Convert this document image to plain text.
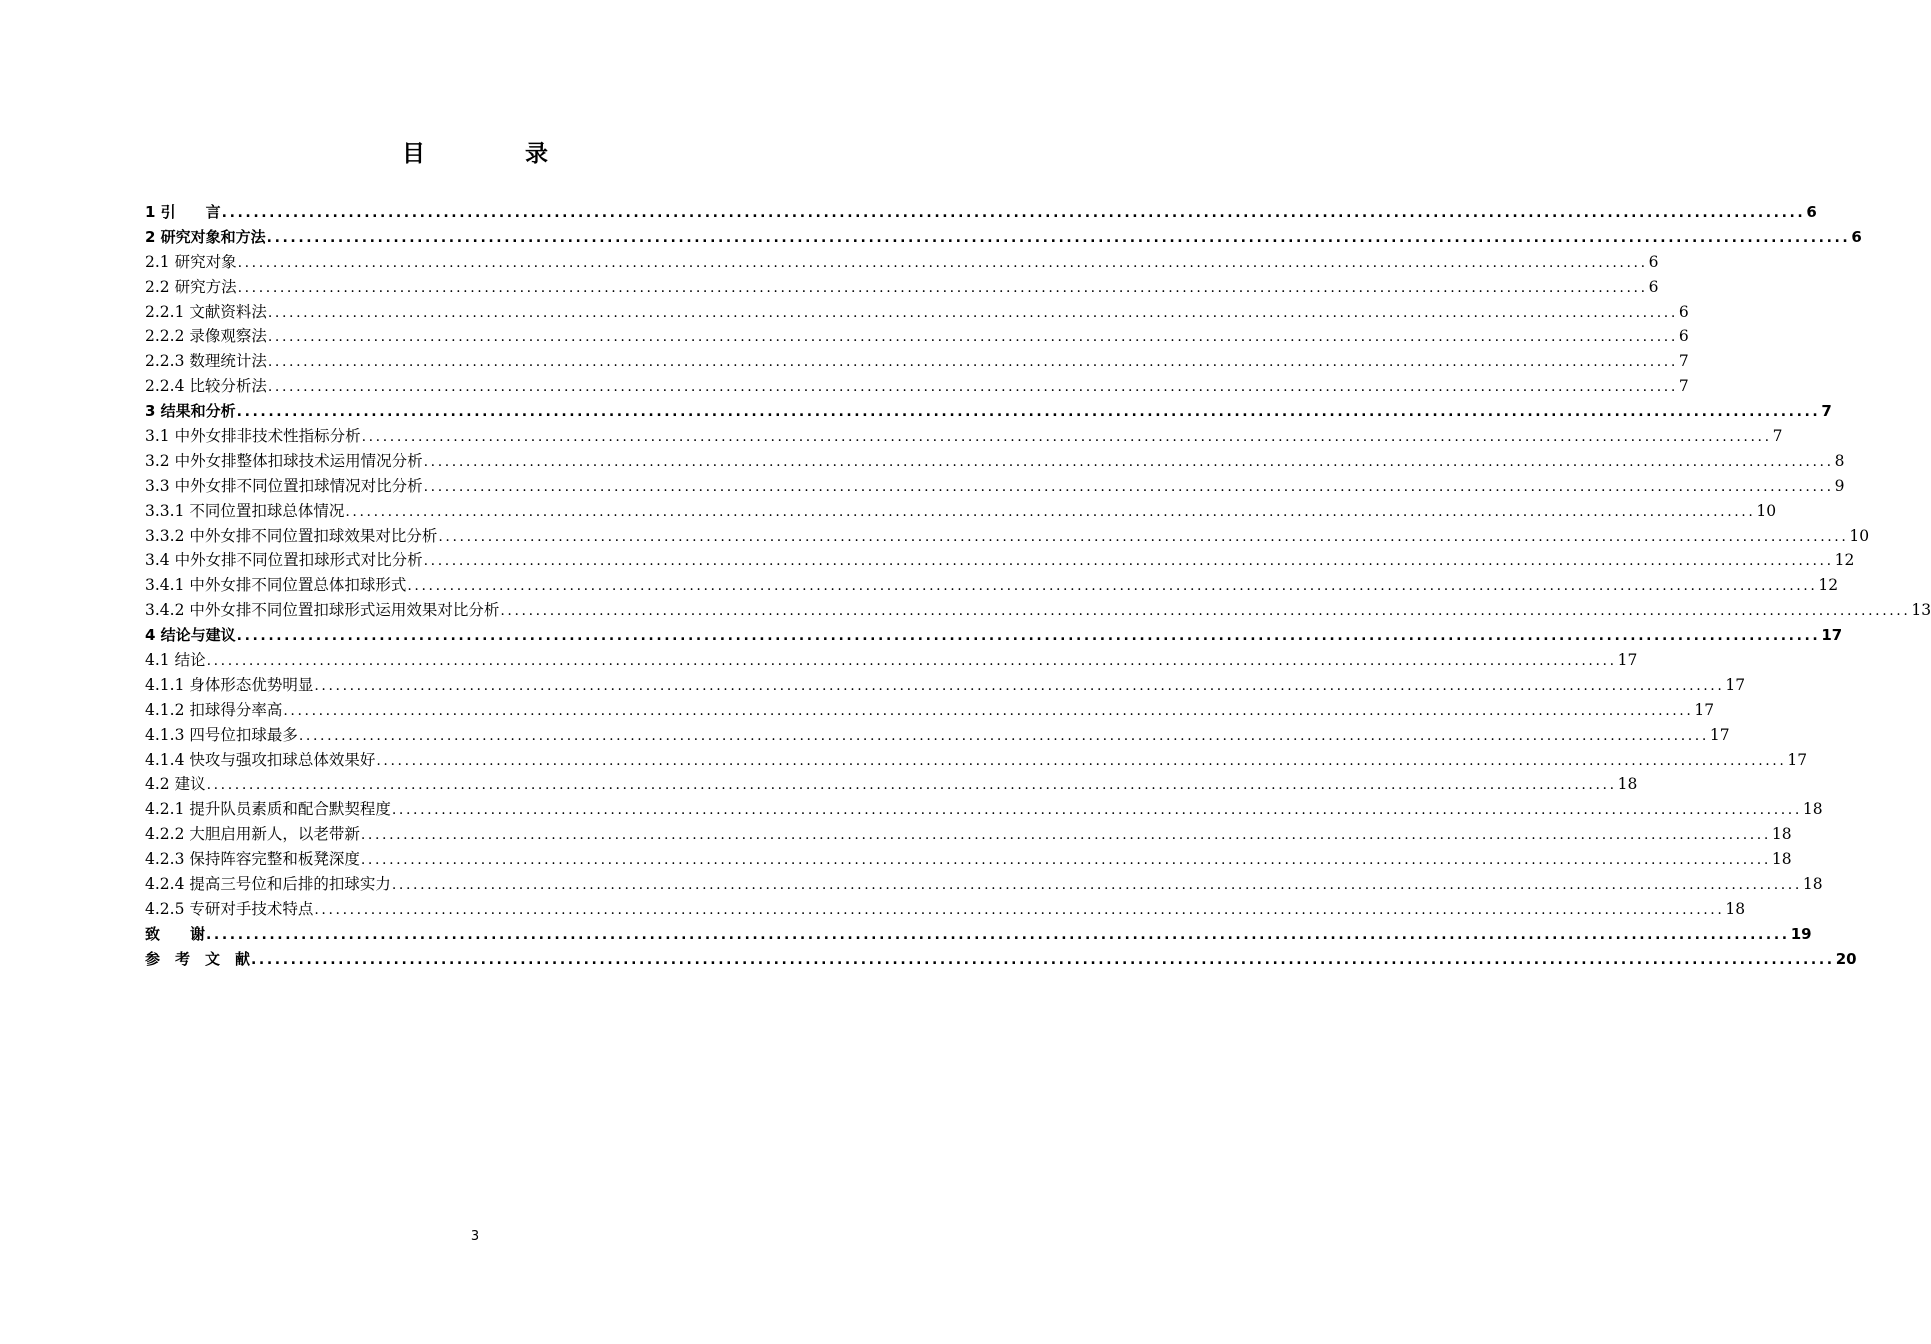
目 录
1 引　　言 ........................................................................................................................................................................................................ 6
2 研究对象和方法 ........................................................................................................................................................................................................ 6
2.1 研究对象 ........................................................................................................................................................................................................ 6
2.2 研究方法 ........................................................................................................................................................................................................ 6
2.2.1 文献资料法 ........................................................................................................................................................................................................ 6
2.2.2 录像观察法 ........................................................................................................................................................................................................ 6
2.2.3 数理统计法 ........................................................................................................................................................................................................ 7
2.2.4 比较分析法 ........................................................................................................................................................................................................ 7
3 结果和分析 ........................................................................................................................................................................................................ 7
3.1 中外女排非技术性指标分析 ........................................................................................................................................................................................................ 7
3.2 中外女排整体扣球技术运用情况分析 ........................................................................................................................................................................................................ 8
3.3 中外女排不同位置扣球情况对比分析 ........................................................................................................................................................................................................ 9
3.3.1 不同位置扣球总体情况 ........................................................................................................................................................................................................ 10
3.3.2 中外女排不同位置扣球效果对比分析 ........................................................................................................................................................................................................ 10
3.4 中外女排不同位置扣球形式对比分析 ........................................................................................................................................................................................................ 12
3.4.1 中外女排不同位置总体扣球形式 ........................................................................................................................................................................................................ 12
3.4.2 中外女排不同位置扣球形式运用效果对比分析 ........................................................................................................................................................................................................ 13
4 结论与建议 ........................................................................................................................................................................................................ 17
4.1 结论 ........................................................................................................................................................................................................ 17
4.1.1 身体形态优势明显 ........................................................................................................................................................................................................ 17
4.1.2 扣球得分率高 ........................................................................................................................................................................................................ 17
4.1.3 四号位扣球最多 ........................................................................................................................................................................................................ 17
4.1.4 快攻与强攻扣球总体效果好 ........................................................................................................................................................................................................ 17
4.2 建议 ........................................................................................................................................................................................................ 18
4.2.1 提升队员素质和配合默契程度 ........................................................................................................................................................................................................ 18
4.2.2 大胆启用新人，以老带新 ........................................................................................................................................................................................................ 18
4.2.3 保持阵容完整和板凳深度 ........................................................................................................................................................................................................ 18
4.2.4 提高三号位和后排的扣球实力 ........................................................................................................................................................................................................ 18
4.2.5 专研对手技术特点 ........................................................................................................................................................................................................ 18
致　　谢 ........................................................................................................................................................................................................ 19
参　考　文　献 ........................................................................................................................................................................................................ 20
3
